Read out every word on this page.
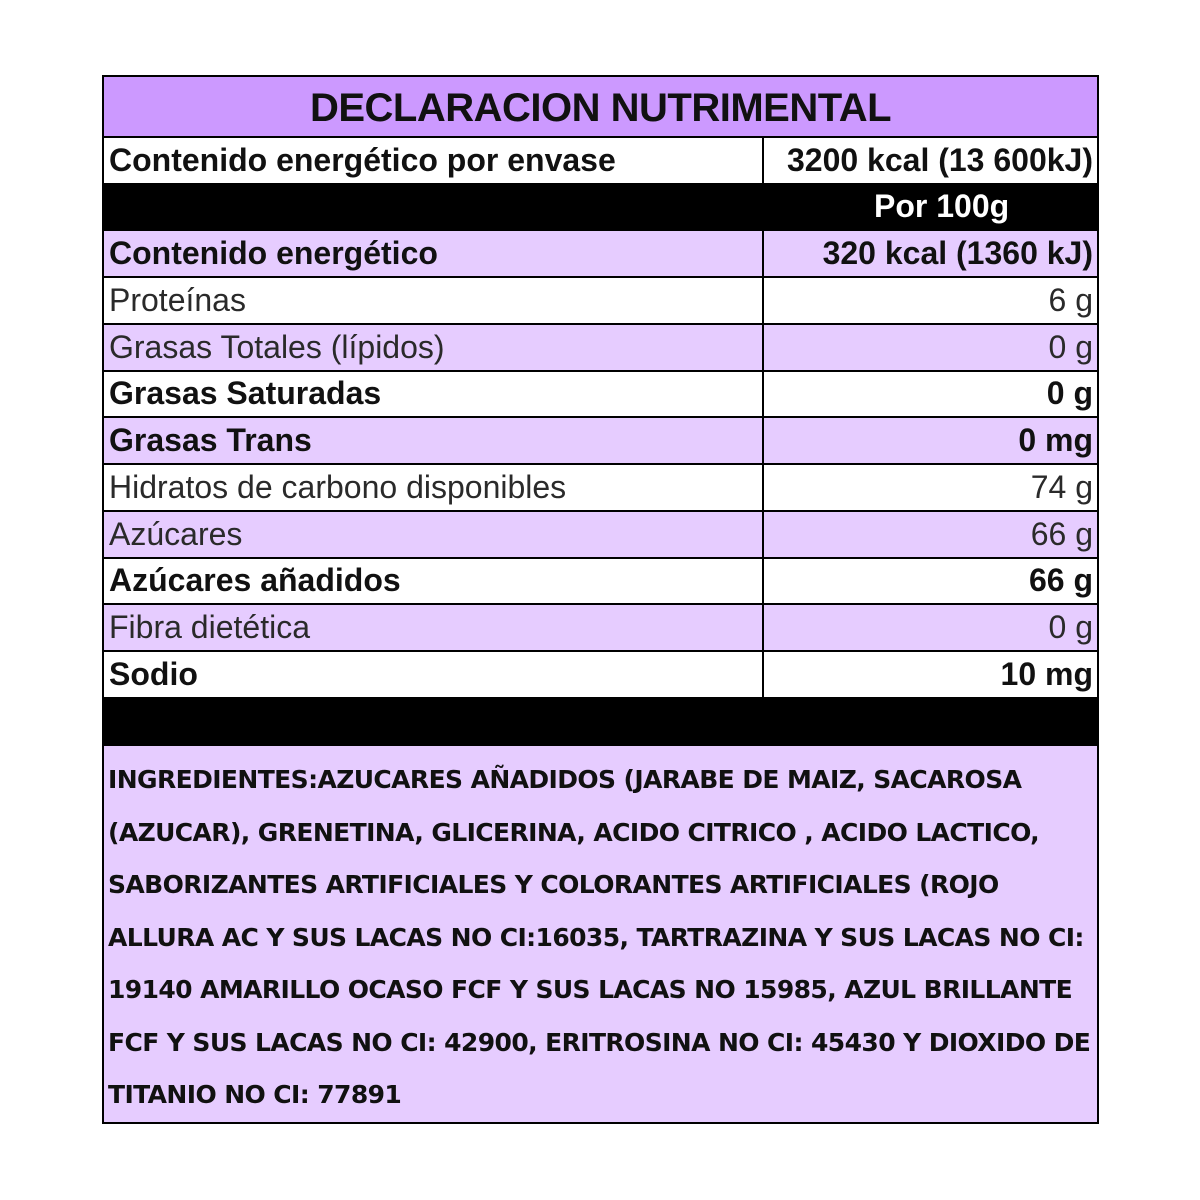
DECLARACION NUTRIMENTAL
Contenido energético por envase	3200 kcal (13 600kJ)
Por 100g
Contenido energético	320 kcal (1360 kJ)
Proteínas	6 g
Grasas Totales (lípidos)	0 g
Grasas Saturadas	0 g
Grasas Trans	0 mg
Hidratos de carbono disponibles	74 g
Azúcares	66 g
Azúcares añadidos	66 g
Fibra dietética	0 g
Sodio	10 mg
INGREDIENTES:AZUCARES AÑADIDOS (JARABE DE MAIZ, SACAROSA (AZUCAR), GRENETINA, GLICERINA, ACIDO CITRICO , ACIDO LACTICO, SABORIZANTES ARTIFICIALES Y COLORANTES ARTIFICIALES (ROJO ALLURA AC Y SUS LACAS NO CI:16035, TARTRAZINA Y SUS LACAS NO CI: 19140 AMARILLO OCASO FCF Y SUS LACAS NO 15985, AZUL BRILLANTE FCF Y SUS LACAS NO CI: 42900, ERITROSINA NO CI: 45430 Y DIOXIDO DE TITANIO NO CI: 77891
